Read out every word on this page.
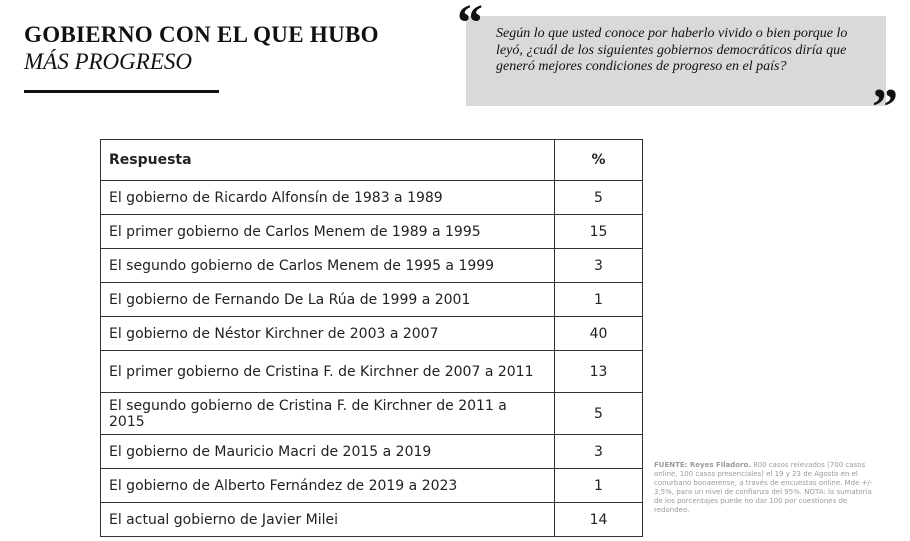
GOBIERNO CON EL QUE HUBO
MÁS PROGRESO
Según lo que usted conoce por haberlo vivido o bien porque lo leyó, ¿cuál de los siguientes gobiernos democráticos diría que generó mejores condiciones de progreso en el país?
“
”
Respuesta	%
El gobierno de Ricardo Alfonsín de 1983 a 1989	5
El primer gobierno de Carlos Menem de 1989 a 1995	15
El segundo gobierno de Carlos Menem de 1995 a 1999	3
El gobierno de Fernando De La Rúa de 1999 a 2001	1
El gobierno de Néstor Kirchner de 2003 a 2007	40
El primer gobierno de Cristina F. de Kirchner de 2007 a 2011	13
El segundo gobierno de Cristina F. de Kirchner de 2011 a 2015	5
El gobierno de Mauricio Macri de 2015 a 2019	3
El gobierno de Alberto Fernández de 2019 a 2023	1
El actual gobierno de Javier Milei	14
FUENTE: Reyes Filadoro. 800 casos relevados (700 casos online, 100 casos presenciales) el 19 y 23 de Agosto en el conurbano bonaerense, a través de encuestas online. Mde +/- 3,5%, para un nivel de confianza del 95%. NOTA: la sumatoria de los porcentajes puede no dar 100 por cuestiones de redondeo.
